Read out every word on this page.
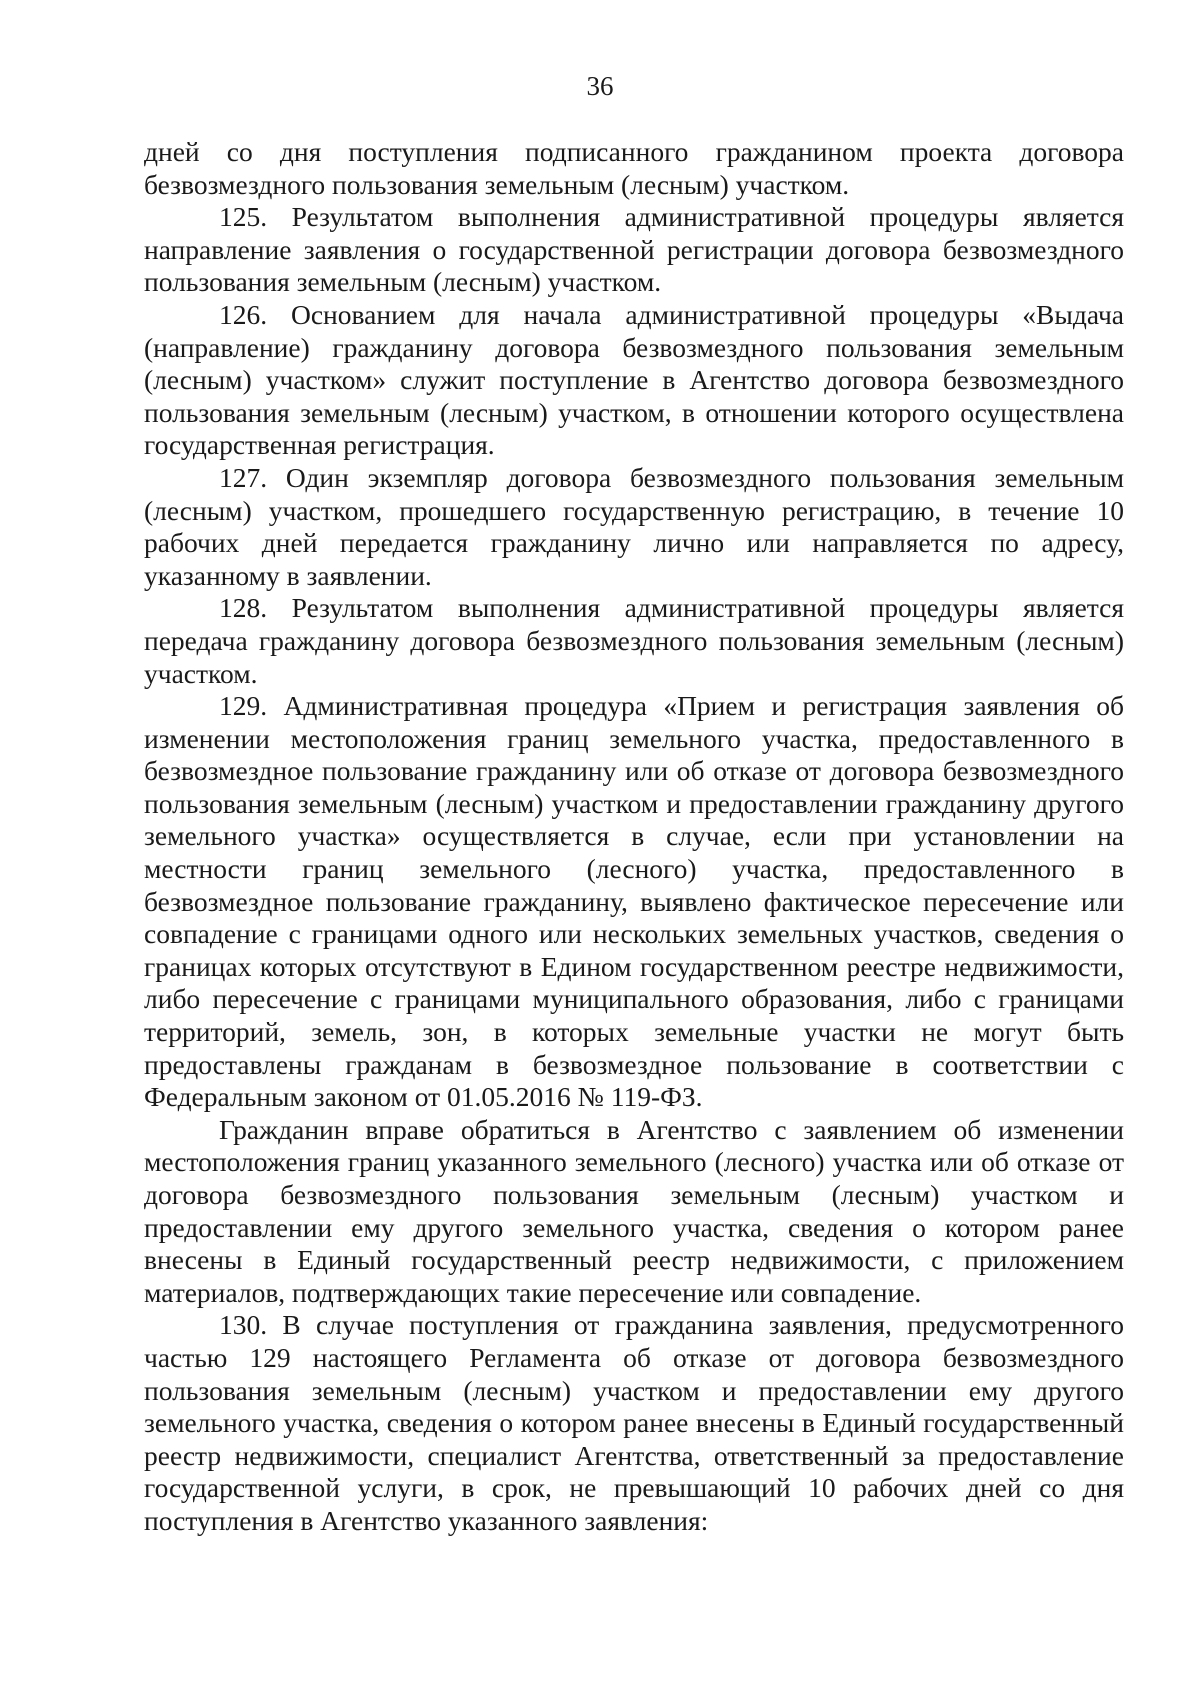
36

дней со дня поступления подписанного гражданином проекта договора безвозмездного пользования земельным (лесным) участком.

125. Результатом выполнения административной процедуры является направление заявления о государственной регистрации договора безвозмездного пользования земельным (лесным) участком.

126. Основанием для начала административной процедуры «Выдача (направление) гражданину договора безвозмездного пользования земельным (лесным) участком» служит поступление в Агентство договора безвозмездного пользования земельным (лесным) участком, в отношении которого осуществлена государственная регистрация.

127. Один экземпляр договора безвозмездного пользования земельным (лесным) участком, прошедшего государственную регистрацию, в течение 10 рабочих дней передается гражданину лично или направляется по адресу, указанному в заявлении.

128. Результатом выполнения административной процедуры является передача гражданину договора безвозмездного пользования земельным (лесным) участком.

129. Административная процедура «Прием и регистрация заявления об изменении местоположения границ земельного участка, предоставленного в безвозмездное пользование гражданину или об отказе от договора безвозмездного пользования земельным (лесным) участком и предоставлении гражданину другого земельного участка» осуществляется в случае, если при установлении на местности границ земельного (лесного) участка, предоставленного в безвозмездное пользование гражданину, выявлено фактическое пересечение или совпадение с границами одного или нескольких земельных участков, сведения о границах которых отсутствуют в Едином государственном реестре недвижимости, либо пересечение с границами муниципального образования, либо с границами территорий, земель, зон, в которых земельные участки не могут быть предоставлены гражданам в безвозмездное пользование в соответствии с Федеральным законом от 01.05.2016 № 119-ФЗ.

Гражданин вправе обратиться в Агентство с заявлением об изменении местоположения границ указанного земельного (лесного) участка или об отказе от договора безвозмездного пользования земельным (лесным) участком и предоставлении ему другого земельного участка, сведения о котором ранее внесены в Единый государственный реестр недвижимости, с приложением материалов, подтверждающих такие пересечение или совпадение.

130. В случае поступления от гражданина заявления, предусмотренного частью 129 настоящего Регламента об отказе от договора безвозмездного пользования земельным (лесным) участком и предоставлении ему другого земельного участка, сведения о котором ранее внесены в Единый государственный реестр недвижимости, специалист Агентства, ответственный за предоставление государственной услуги, в срок, не превышающий 10 рабочих дней со дня поступления в Агентство указанного заявления:
